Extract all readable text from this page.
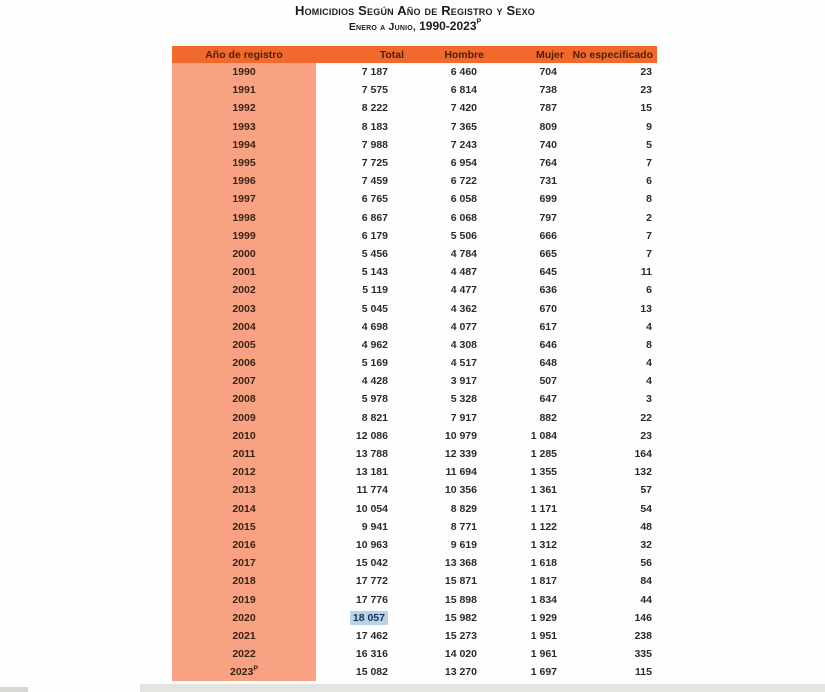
Homicidios Según Año de Registro y Sexo
Enero a Junio, $1990-2023^P$
Año de registro	Total	Hombre	Mujer	No especificado
1990	7 187	6 460	704	23
1991	7 575	6 814	738	23
1992	8 222	7 420	787	15
1993	8 183	7 365	809	9
1994	7 988	7 243	740	5
1995	7 725	6 954	764	7
1996	7 459	6 722	731	6
1997	6 765	6 058	699	8
1998	6 867	6 068	797	2
1999	6 179	5 506	666	7
2000	5 456	4 784	665	7
2001	5 143	4 487	645	11
2002	5 119	4 477	636	6
2003	5 045	4 362	670	13
2004	4 698	4 077	617	4
2005	4 962	4 308	646	8
2006	5 169	4 517	648	4
2007	4 428	3 917	507	4
2008	5 978	5 328	647	3
2009	8 821	7 917	882	22
2010	12 086	10 979	1 084	23
2011	13 788	12 339	1 285	164
2012	13 181	11 694	1 355	132
2013	11 774	10 356	1 361	57
2014	10 054	8 829	1 171	54
2015	9 941	8 771	1 122	48
2016	10 963	9 619	1 312	32
2017	15 042	13 368	1 618	56
2018	17 772	15 871	1 817	84
2019	17 776	15 898	1 834	44
2020	18 057	15 982	1 929	146
2021	17 462	15 273	1 951	238
2022	16 316	14 020	1 961	335
$2023^P$	15 082	13 270	1 697	115
